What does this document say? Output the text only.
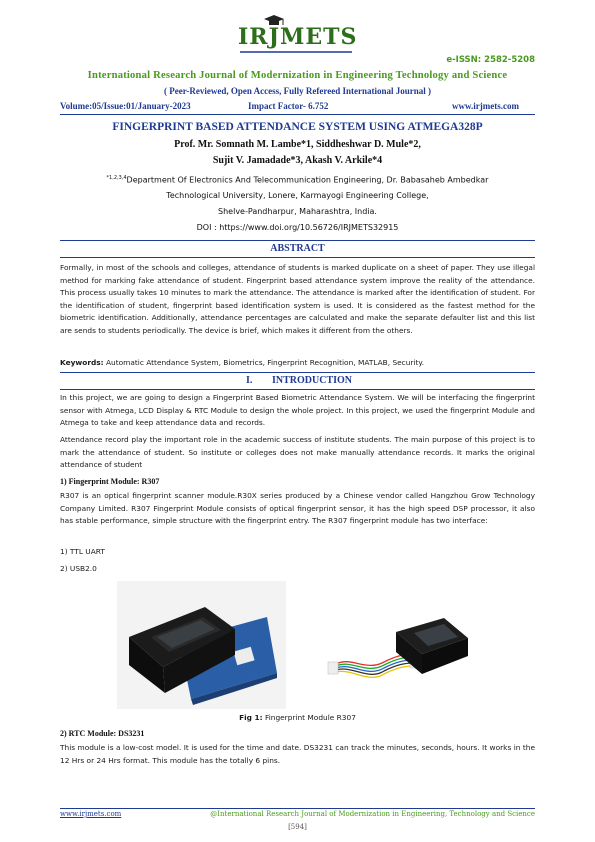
IRJMETS
e-ISSN: 2582-5208
International Research Journal of Modernization in Engineering Technology and Science
( Peer-Reviewed, Open Access, Fully Refereed International Journal )
Volume:05/Issue:01/January-2023	Impact Factor- 6.752	www.irjmets.com
FINGERPRINT BASED ATTENDANCE SYSTEM USING ATMEGA328P
Prof. Mr. Somnath M. Lambe*1, Siddheshwar D. Mule*2,
Sujit V. Jamadade*3, Akash V. Arkile*4
$^{*1,2,3,4}$Department Of Electronics And Telecommunication Engineering, Dr. Babasaheb Ambedkar
Technological University, Lonere, Karmayogi Engineering College,
Shelve-Pandharpur, Maharashtra, India.
DOI : https://www.doi.org/10.56726/IRJMETS32915
ABSTRACT
Formally, in most of the schools and colleges, attendance of students is marked duplicate on a sheet of paper. They use illegal method for marking fake attendance of student. Fingerprint based attendance system improve the reality of the attendance. This process usually takes 10 minutes to mark the attendance. The attendance is marked after the identification of student. For the identification of student, fingerprint based identification system is used. It is considered as the fastest method for the biometric identification. Additionally, attendance percentages are calculated and make the separate defaulter list and this list are sends to students periodically. The device is brief, which makes it different from the others.
Keywords: Automatic Attendance System, Biometrics, Fingerprint Recognition, MATLAB, Security.
I. INTRODUCTION
In this project, we are going to design a Fingerprint Based Biometric Attendance System. We will be interfacing the fingerprint sensor with Atmega, LCD Display & RTC Module to design the whole project. In this project, we used the fingerprint Module and Atmega to take and keep attendance data and records.
Attendance record play the important role in the academic success of institute students. The main purpose of this project is to mark the attendance of student. So institute or colleges does not make manually attendance records. It marks the original attendance of student
1) Fingerprint Module: R307
R307 is an optical fingerprint scanner module.R30X series produced by a Chinese vendor called Hangzhou Grow Technology Company Limited. R307 Fingerprint Module consists of optical fingerprint sensor, it has the high speed DSP processor, it also has stable performance, simple structure with the fingerprint entry. The R307 fingerprint module has two interface:
1) TTL UART
2) USB2.0
Fig 1: Fingerprint Module R307
2) RTC Module: DS3231
This module is a low-cost model. It is used for the time and date. DS3231 can track the minutes, seconds, hours. It works in the 12 Hrs or 24 Hrs format. This module has the totally 6 pins.
www.irjmets.com	@International Research Journal of Modernization in Engineering, Technology and Science
[594]
